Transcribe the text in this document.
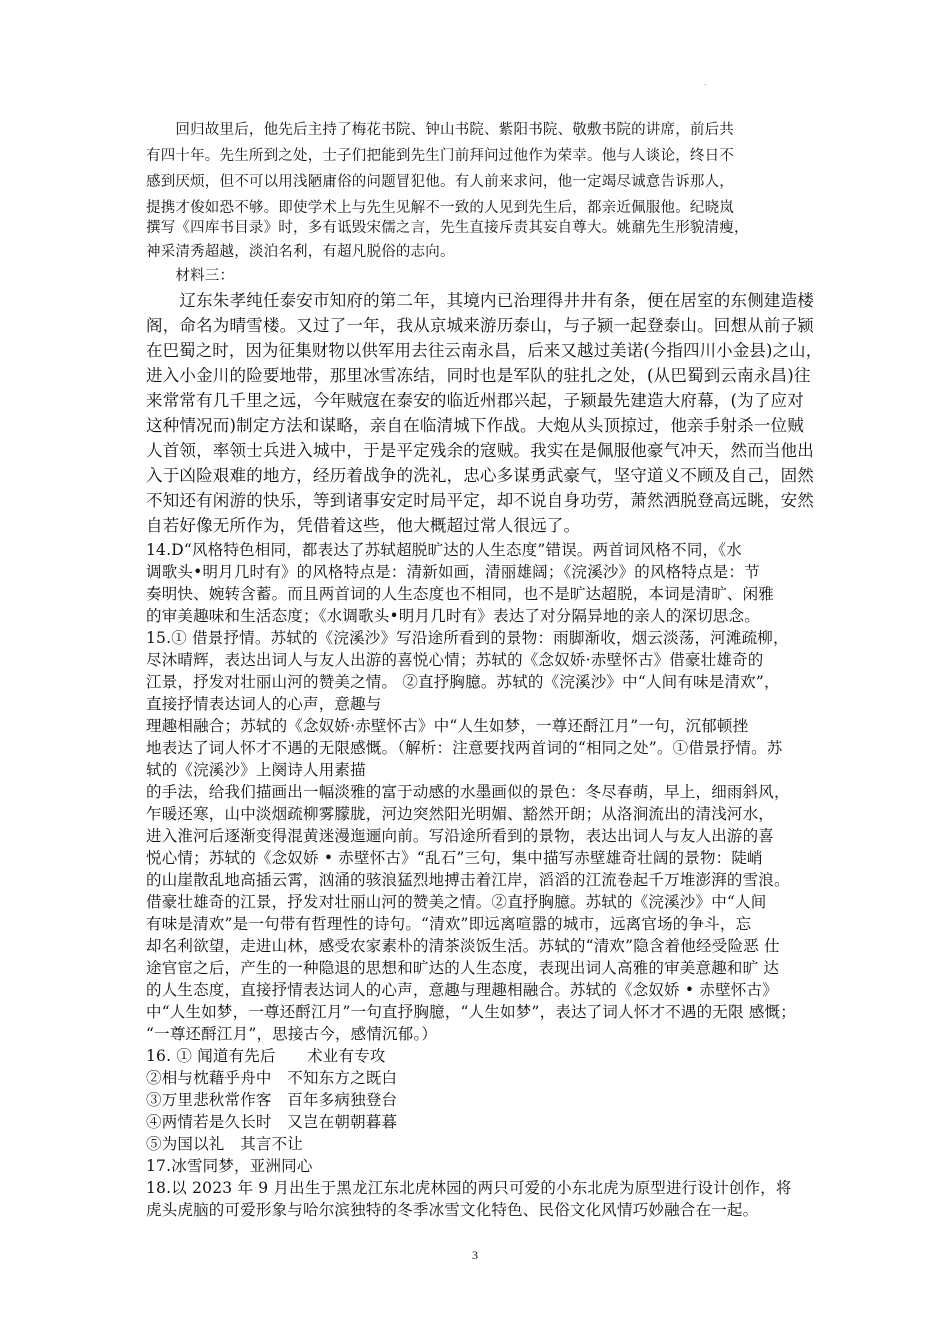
.
　　回归故里后，他先后主持了梅花书院、钟山书院、紫阳书院、敬敷书院的讲席，前后共
有四十年。先生所到之处，士子们把能到先生门前拜问过他作为荣幸。他与人谈论，终日不
感到厌烦，但不可以用浅陋庸俗的问题冒犯他。有人前来求问，他一定竭尽诚意告诉那人，
提携才俊如恐不够。即使学术上与先生见解不一致的人见到先生后，都亲近佩服他。纪晓岚
撰写《四库书目录》时，多有诋毁宋儒之言，先生直接斥责其妄自尊大。姚鼐先生形貌清瘦，
神采清秀超越，淡泊名利，有超凡脱俗的志向。
　　材料三：
　　辽东朱孝纯任泰安市知府的第二年，其境内已治理得井井有条，便在居室的东侧建造楼
阁，命名为晴雪楼。又过了一年，我从京城来游历泰山，与子颍一起登泰山。回想从前子颍
在巴蜀之时，因为征集财物以供军用去往云南永昌，后来又越过美诺(今指四川小金县)之山，
进入小金川的险要地带，那里冰雪冻结，同时也是军队的驻扎之处，(从巴蜀到云南永昌)往
来常常有几千里之远，今年贼寇在泰安的临近州郡兴起，子颍最先建造大府幕，(为了应对
这种情况而)制定方法和谋略，亲自在临清城下作战。大炮从头顶掠过，他亲手射杀一位贼
人首领，率领士兵进入城中，于是平定残余的寇贼。我实在是佩服他豪气冲天，然而当他出
入于凶险艰难的地方，经历着战争的洗礼，忠心多谋勇武豪气，坚守道义不顾及自己，固然
不知还有闲游的快乐，等到诸事安定时局平定，却不说自身功劳，萧然洒脱登高远眺，安然
自若好像无所作为，凭借着这些，他大概超过常人很远了。
14.D“风格特色相同，都表达了苏轼超脱旷达的人生态度”错误。两首词风格不同，《水
调歌头•明月几时有》的风格特点是：清新如画，清丽雄阔；《浣溪沙》的风格特点是：节
奏明快、婉转含蓄。而且两首词的人生态度也不相同，也不是旷达超脱，本词是清旷、闲雅
的审美趣味和生活态度；《水调歌头•明月几时有》表达了对分隔异地的亲人的深切思念。
15.① 借景抒情。苏轼的《浣溪沙》写沿途所看到的景物：雨脚渐收，烟云淡荡，河滩疏柳，
尽沐晴辉，表达出词人与友人出游的喜悦心情；苏轼的《念奴娇·赤壁怀古》借豪壮雄奇的
江景，抒发对壮丽山河的赞美之情。 ②直抒胸臆。苏轼的《浣溪沙》中“人间有味是清欢”，
直接抒情表达词人的心声，意趣与
理趣相融合；苏轼的《念奴娇·赤壁怀古》中“人生如梦，一尊还酹江月”一句，沉郁顿挫
地表达了词人怀才不遇的无限感慨。（解析：注意要找两首词的“相同之处”。①借景抒情。苏
轼的《浣溪沙》上阕诗人用素描
的手法，给我们描画出一幅淡雅的富于动感的水墨画似的景色：冬尽春萌，早上，细雨斜风，
乍暖还寒，山中淡烟疏柳雾朦胧，河边突然阳光明媚、豁然开朗；从洛涧流出的清浅河水，
进入淮河后逐渐变得混黄迷漫迤逦向前。写沿途所看到的景物，表达出词人与友人出游的喜
悦心情；苏轼的《念奴娇 • 赤壁怀古》“乱石”三句，集中描写赤壁雄奇壮阔的景物：陡峭
的山崖散乱地高插云霄，汹涌的骇浪猛烈地搏击着江岸，滔滔的江流卷起千万堆澎湃的雪浪。
借豪壮雄奇的江景，抒发对壮丽山河的赞美之情。②直抒胸臆。苏轼的《浣溪沙》中“人间
有味是清欢”是一句带有哲理性的诗句。“清欢”即远离喧嚣的城市，远离官场的争斗，忘
却名利欲望，走进山林，感受农家素朴的清茶淡饭生活。苏轼的“清欢”隐含着他经受险恶 仕
途官宦之后，产生的一种隐退的思想和旷达的人生态度，表现出词人高雅的审美意趣和旷 达
的人生态度，直接抒情表达词人的心声，意趣与理趣相融合。苏轼的《念奴娇 • 赤壁怀古》
中“人生如梦，一尊还酹江月”一句直抒胸臆，“人生如梦”，表达了词人怀才不遇的无限 感慨；
“一尊还酹江月”，思接古今，感情沉郁。）
16. ① 闻道有先后　　术业有专攻
②相与枕藉乎舟中　不知东方之既白
③万里悲秋常作客　百年多病独登台
④两情若是久长时　又岂在朝朝暮暮
⑤为国以礼　其言不让
17.冰雪同梦，亚洲同心
18.以 2023 年 9 月出生于黑龙江东北虎林园的两只可爱的小东北虎为原型进行设计创作，将
虎头虎脑的可爱形象与哈尔滨独特的冬季冰雪文化特色、民俗文化风情巧妙融合在一起。
3
